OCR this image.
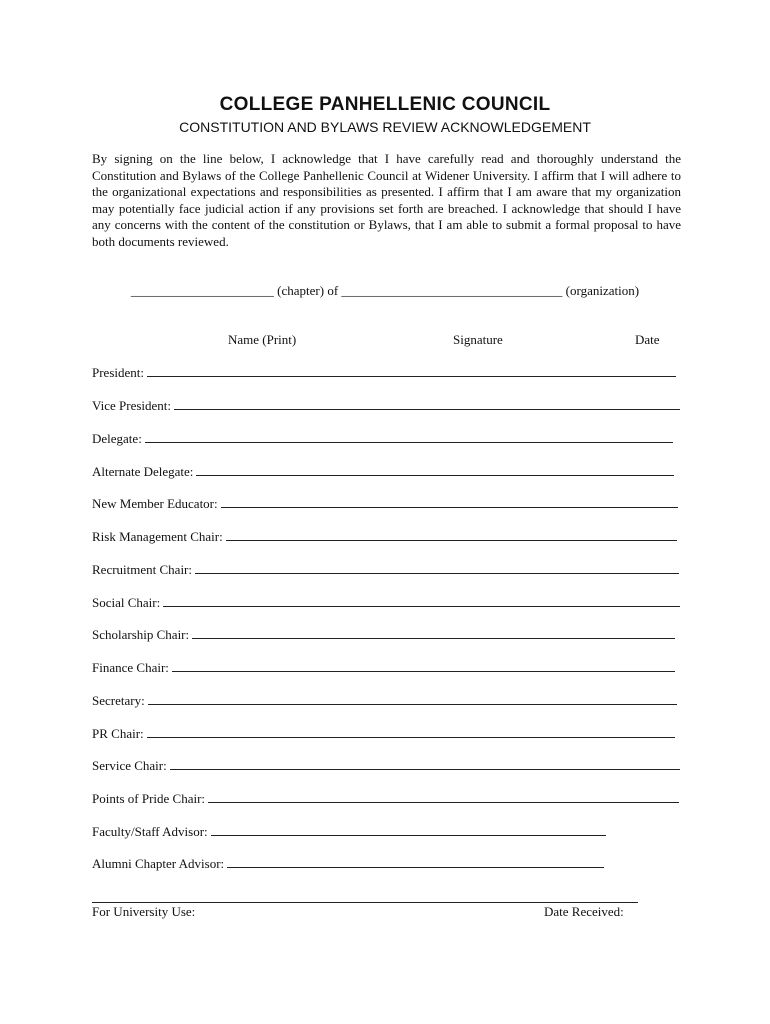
COLLEGE PANHELLENIC COUNCIL
CONSTITUTION AND BYLAWS REVIEW ACKNOWLEDGEMENT

By signing on the line below, I acknowledge that I have carefully read and thoroughly understand the Constitution and Bylaws of the College Panhellenic Council at Widener University. I affirm that I will adhere to the organizational expectations and responsibilities as presented. I affirm that I am aware that my organization may potentially face judicial action if any provisions set forth are breached. I acknowledge that should I have any concerns with the content of the constitution or Bylaws, that I am able to submit a formal proposal to have both documents reviewed.

______________________ (chapter) of __________________________________ (organization)
Name (Print)	Signature	Date
President:
Vice President:
Delegate:
Alternate Delegate:
New Member Educator:
Risk Management Chair:
Recruitment Chair:
Social Chair:
Scholarship Chair:
Finance Chair:
Secretary:
PR Chair:
Service Chair:
Points of Pride Chair:
Faculty/Staff Advisor:
Alumni Chapter Advisor:
For University Use:	Date Received:
